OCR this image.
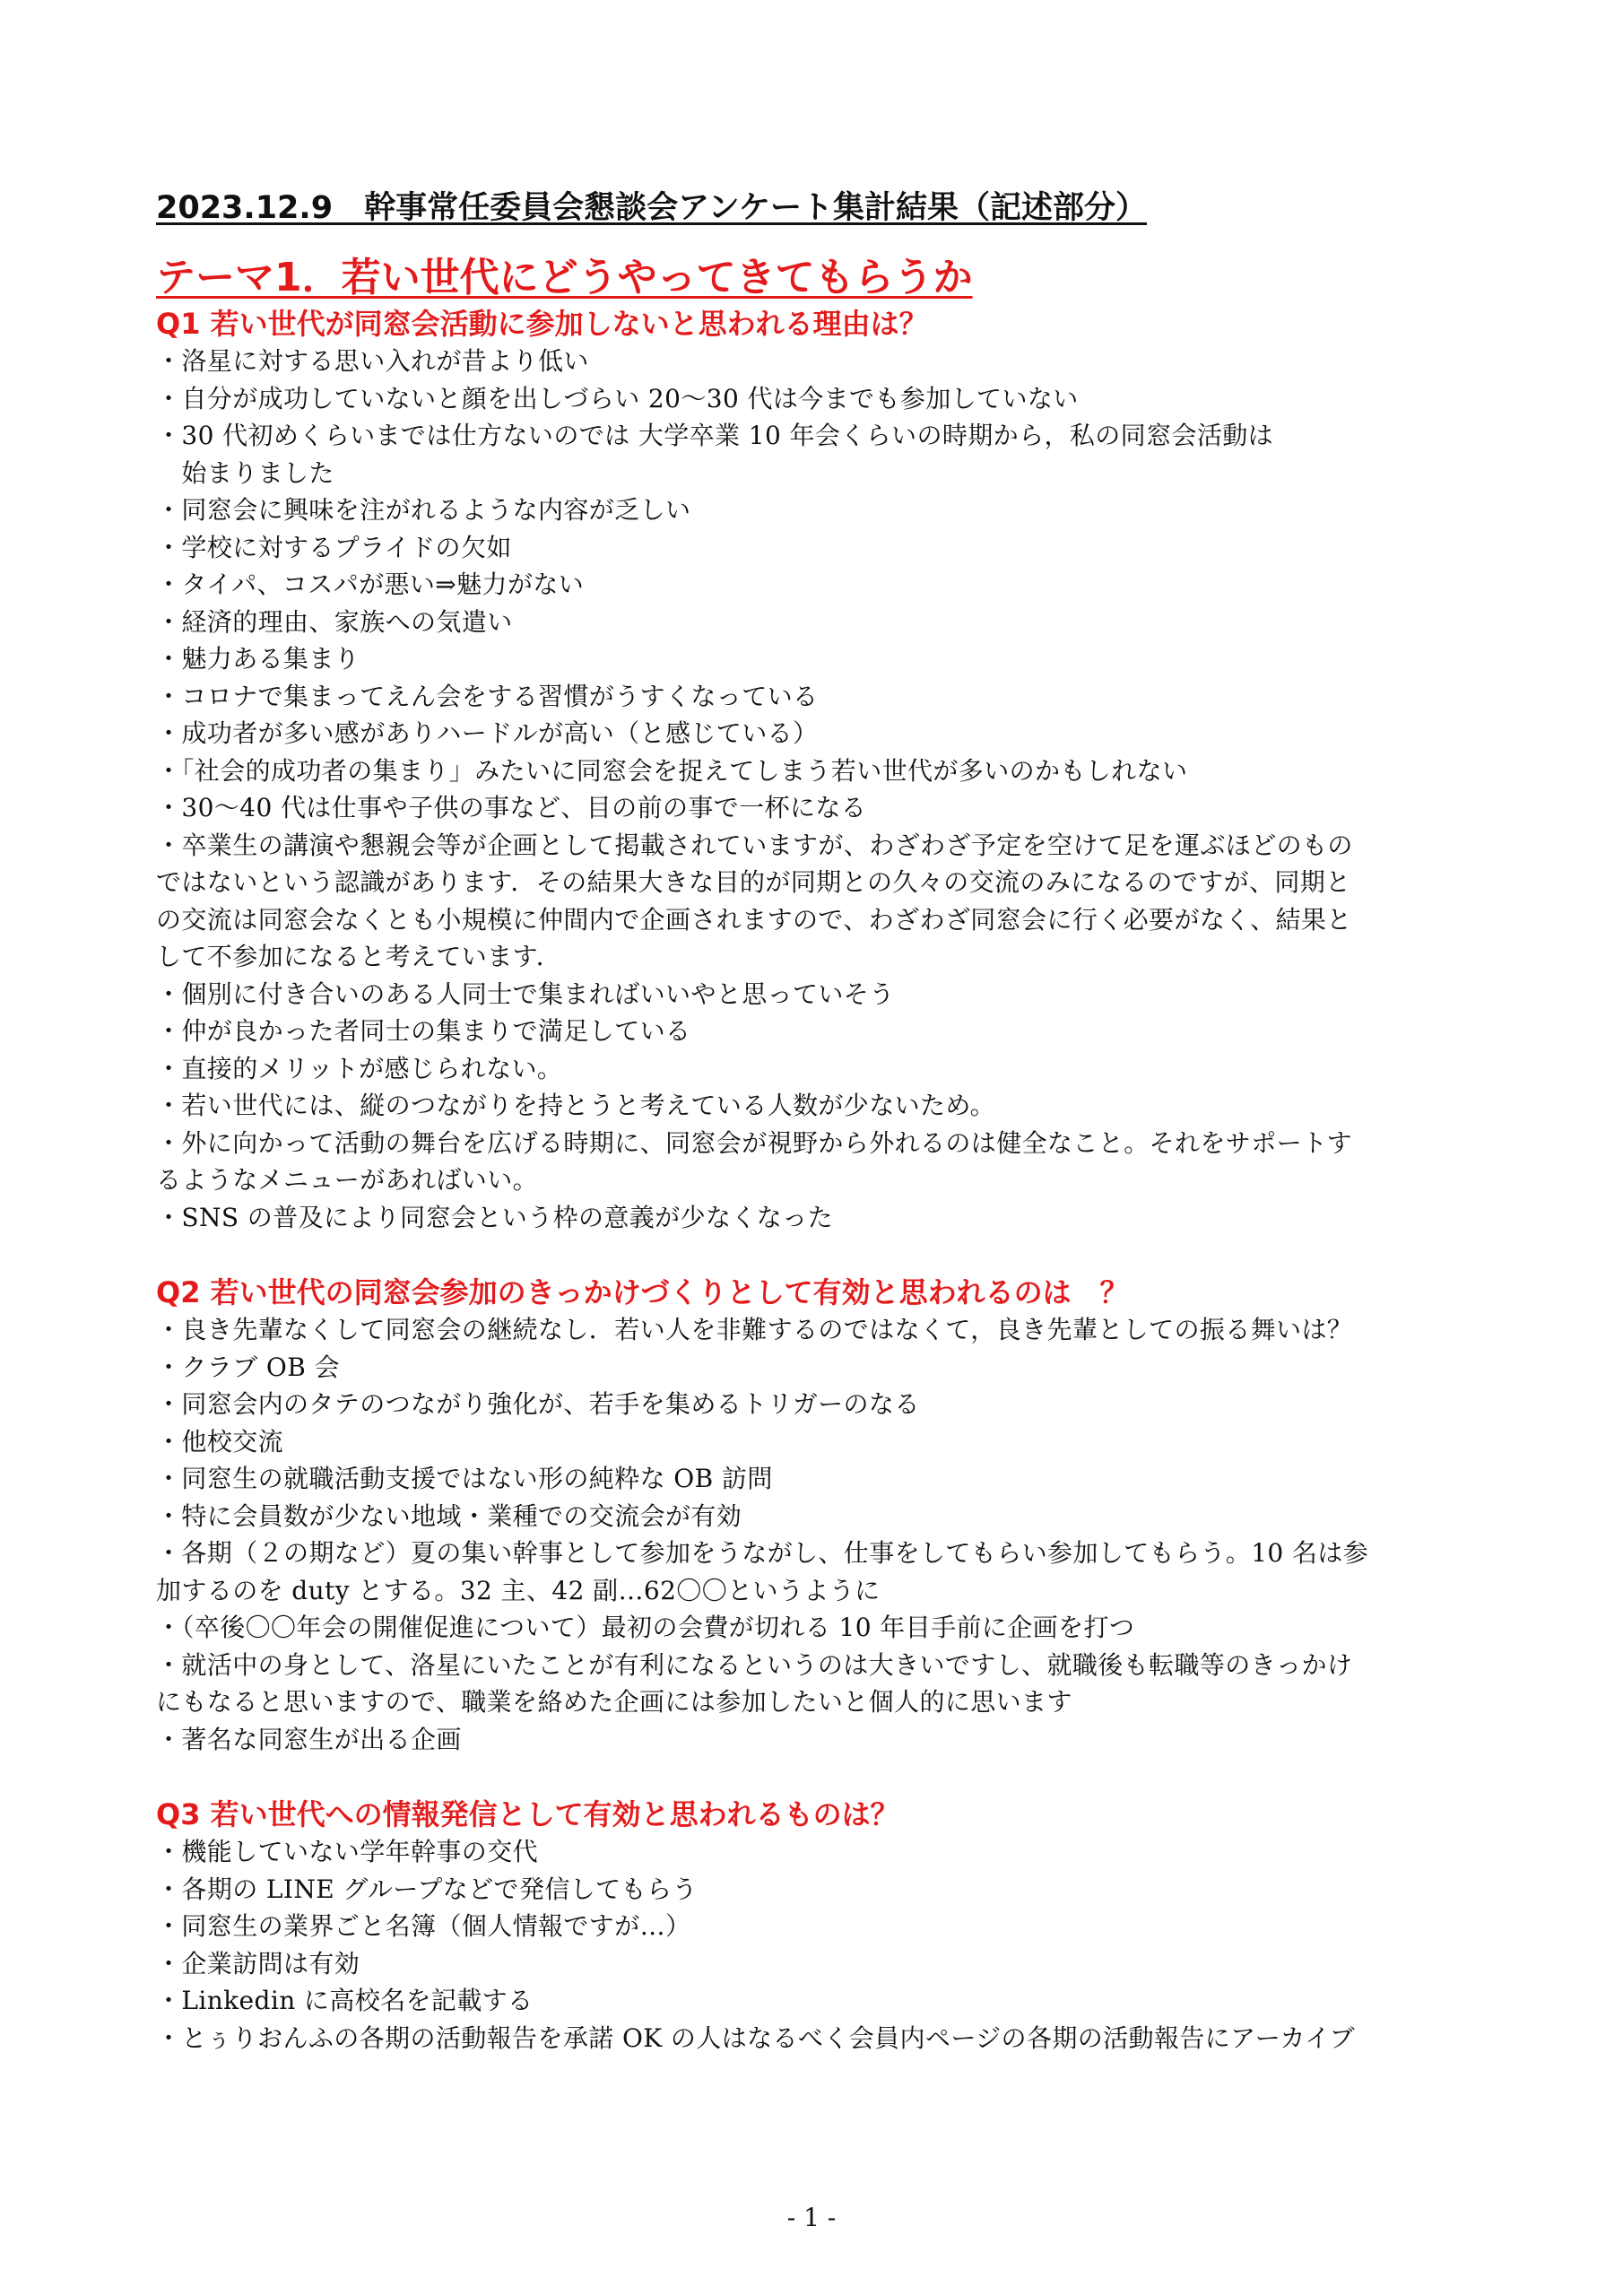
2023.12.9　幹事常任委員会懇談会アンケート集計結果（記述部分）
テーマ1．若い世代にどうやってきてもらうか
Q1 若い世代が同窓会活動に参加しないと思われる理由は？
・洛星に対する思い入れが昔より低い
・自分が成功していないと顔を出しづらい 20〜30 代は今までも参加していない
・30 代初めくらいまでは仕方ないのでは 大学卒業 10 年会くらいの時期から，私の同窓会活動は
　始まりました
・同窓会に興味を注がれるような内容が乏しい
・学校に対するプライドの欠如
・タイパ、コスパが悪い⇒魅力がない
・経済的理由、家族への気遣い
・魅力ある集まり
・コロナで集まってえん会をする習慣がうすくなっている
・成功者が多い感がありハードルが高い（と感じている）
・「社会的成功者の集まり」みたいに同窓会を捉えてしまう若い世代が多いのかもしれない
・30〜40 代は仕事や子供の事など、目の前の事で一杯になる
・卒業生の講演や懇親会等が企画として掲載されていますが、わざわざ予定を空けて足を運ぶほどのもの
ではないという認識があります．その結果大きな目的が同期との久々の交流のみになるのですが、同期と
の交流は同窓会なくとも小規模に仲間内で企画されますので、わざわざ同窓会に行く必要がなく、結果と
して不参加になると考えています．
・個別に付き合いのある人同士で集まればいいやと思っていそう
・仲が良かった者同士の集まりで満足している
・直接的メリットが感じられない。
・若い世代には、縦のつながりを持とうと考えている人数が少ないため。
・外に向かって活動の舞台を広げる時期に、同窓会が視野から外れるのは健全なこと。それをサポートす
るようなメニューがあればいい。
・SNS の普及により同窓会という枠の意義が少なくなった
Q2 若い世代の同窓会参加のきっかけづくりとして有効と思われるのは　？
・良き先輩なくして同窓会の継続なし．若い人を非難するのではなくて，良き先輩としての振る舞いは？
・クラブ OB 会
・同窓会内のタテのつながり強化が、若手を集めるトリガーのなる
・他校交流
・同窓生の就職活動支援ではない形の純粋な OB 訪問
・特に会員数が少ない地域・業種での交流会が有効
・各期（２の期など）夏の集い幹事として参加をうながし、仕事をしてもらい参加してもらう。10 名は参
加するのを duty とする。32 主、42 副…62〇〇というように
・（卒後〇〇年会の開催促進について）最初の会費が切れる 10 年目手前に企画を打つ
・就活中の身として、洛星にいたことが有利になるというのは大きいですし、就職後も転職等のきっかけ
にもなると思いますので、職業を絡めた企画には参加したいと個人的に思います
・著名な同窓生が出る企画
Q3 若い世代への情報発信として有効と思われるものは？
・機能していない学年幹事の交代
・各期の LINE グループなどで発信してもらう
・同窓生の業界ごと名簿（個人情報ですが…）
・企業訪問は有効
・Linkedin に高校名を記載する
・とぅりおんふの各期の活動報告を承諾 OK の人はなるべく会員内ページの各期の活動報告にアーカイブ
- 1 -
